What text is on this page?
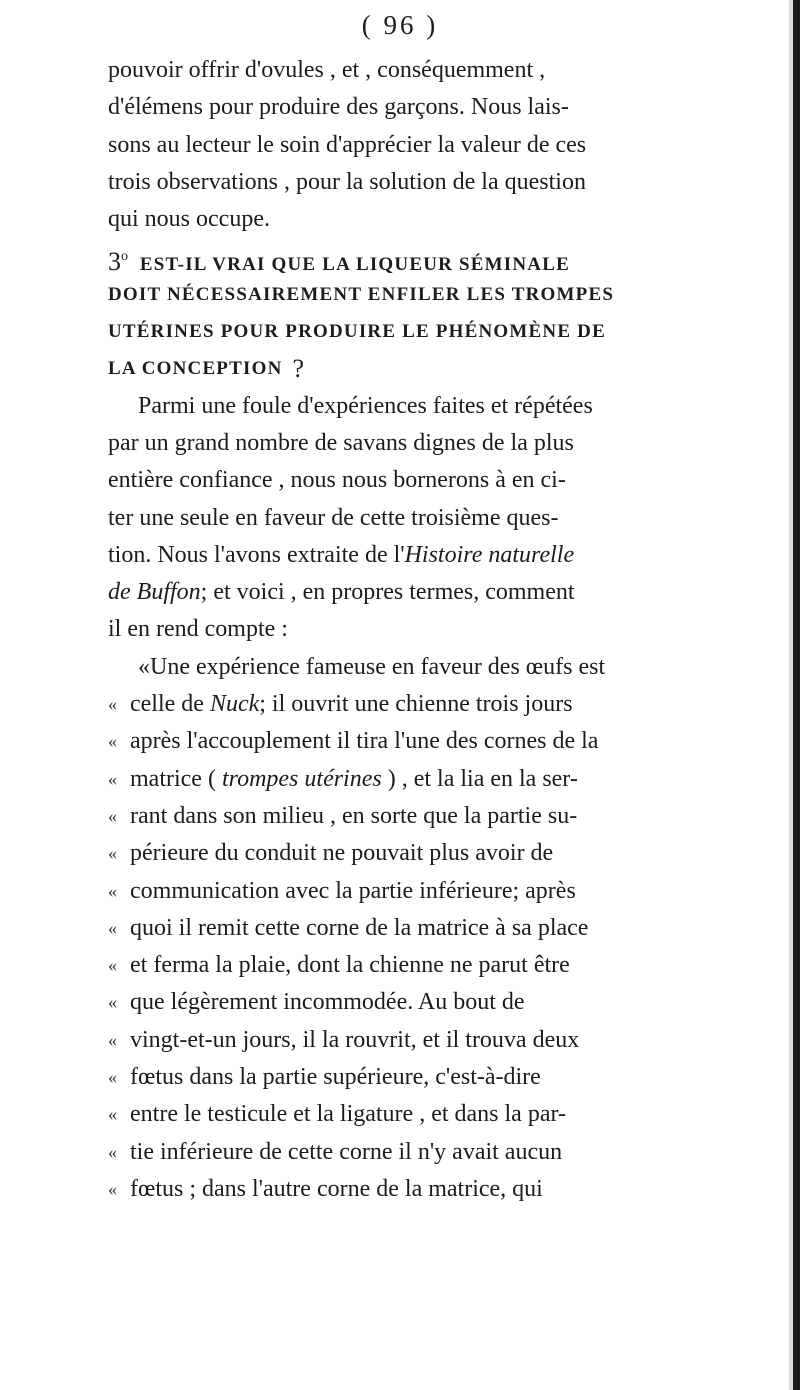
( 96 )
pouvoir offrir d'ovules , et , conséquemment ,
d'élémens pour produire des garçons. Nous lais-
sons au lecteur le soin d'apprécier la valeur de ces
trois observations , pour la solution de la question
qui nous occupe.
3$^o$ EST-IL VRAI QUE LA LIQUEUR SÉMINALE
DOIT NÉCESSAIREMENT ENFILER LES TROMPES
UTÉRINES POUR PRODUIRE LE PHÉNOMÈNE DE
LA CONCEPTION ?
Parmi une foule d'expériences faites et répétées
par un grand nombre de savans dignes de la plus
entière confiance , nous nous bornerons à en ci-
ter une seule en faveur de cette troisième ques-
tion. Nous l'avons extraite de l'Histoire naturelle
de Buffon; et voici , en propres termes, comment
il en rend compte :
«Une expérience fameuse en faveur des œufs est
« celle de Nuck; il ouvrit une chienne trois jours
« après l'accouplement il tira l'une des cornes de la
« matrice ( trompes utérines ) , et la lia en la ser-
« rant dans son milieu , en sorte que la partie su-
« périeure du conduit ne pouvait plus avoir de
« communication avec la partie inférieure; après
« quoi il remit cette corne de la matrice à sa place
« et ferma la plaie, dont la chienne ne parut être
« que légèrement incommodée. Au bout de
« vingt-et-un jours, il la rouvrit, et il trouva deux
« fœtus dans la partie supérieure, c'est-à-dire
« entre le testicule et la ligature , et dans la par-
« tie inférieure de cette corne il n'y avait aucun
« fœtus ; dans l'autre corne de la matrice, qui
